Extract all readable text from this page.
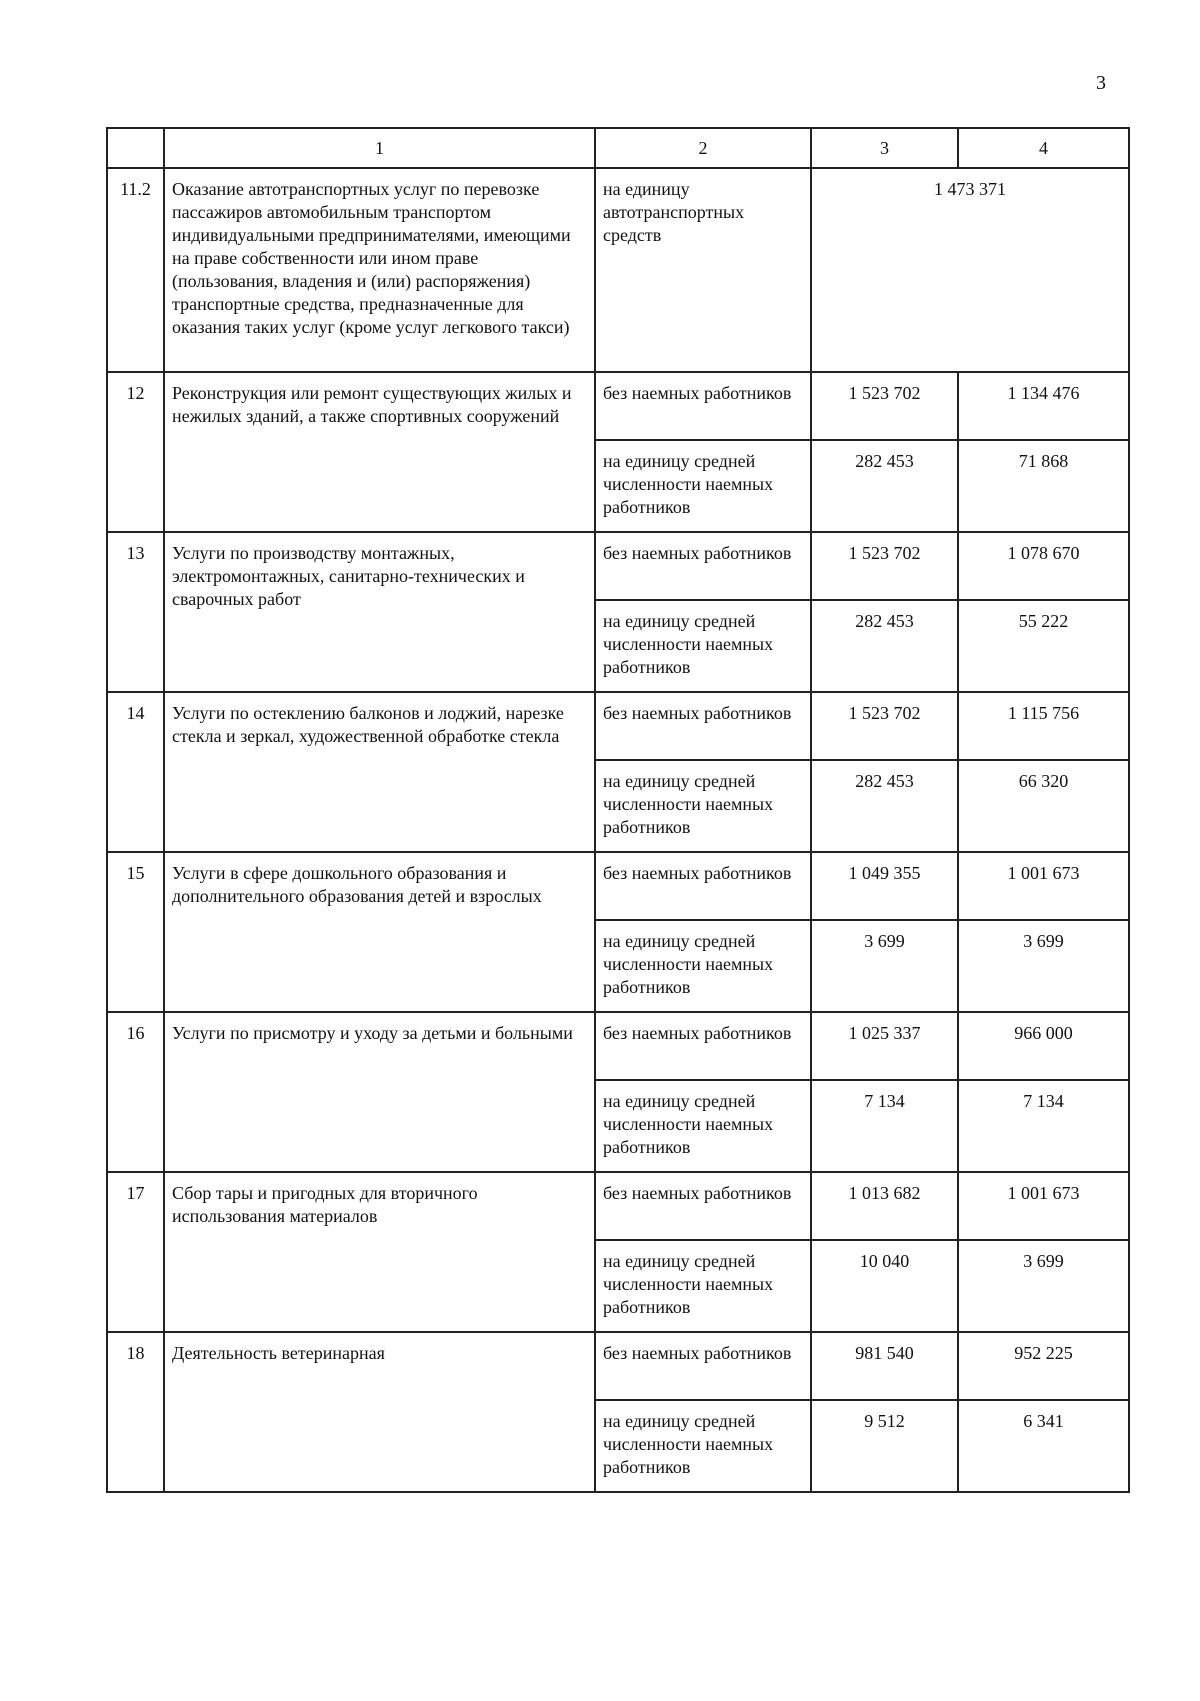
3
	1	2	3	4
11.2	Оказание автотранспортных услуг по перевозке пассажиров автомобильным транспортом индивидуальными предпринимателями, имеющими на праве собственности или ином праве (пользования, владения и (или) распоряжения) транспортные средства, предназначенные для оказания таких услуг (кроме услуг легкового такси)	на единицу автотранспортных средств	1 473 371	
12	Реконструкция или ремонт существующих жилых и нежилых зданий, а также спортивных сооружений	без наемных работников	1 523 702	1 134 476
		на единицу средней численности наемных работников	282 453	71 868
13	Услуги по производству монтажных, электромонтажных, санитарно-технических и сварочных работ	без наемных работников	1 523 702	1 078 670
		на единицу средней численности наемных работников	282 453	55 222
14	Услуги по остеклению балконов и лоджий, нарезке стекла и зеркал, художественной обработке стекла	без наемных работников	1 523 702	1 115 756
		на единицу средней численности наемных работников	282 453	66 320
15	Услуги в сфере дошкольного образования и дополнительного образования детей и взрослых	без наемных работников	1 049 355	1 001 673
		на единицу средней численности наемных работников	3 699	3 699
16	Услуги по присмотру и уходу за детьми и больными	без наемных работников	1 025 337	966 000
		на единицу средней численности наемных работников	7 134	7 134
17	Сбор тары и пригодных для вторичного использования материалов	без наемных работников	1 013 682	1 001 673
		на единицу средней численности наемных работников	10 040	3 699
18	Деятельность ветеринарная	без наемных работников	981 540	952 225
		на единицу средней численности наемных работников	9 512	6 341
